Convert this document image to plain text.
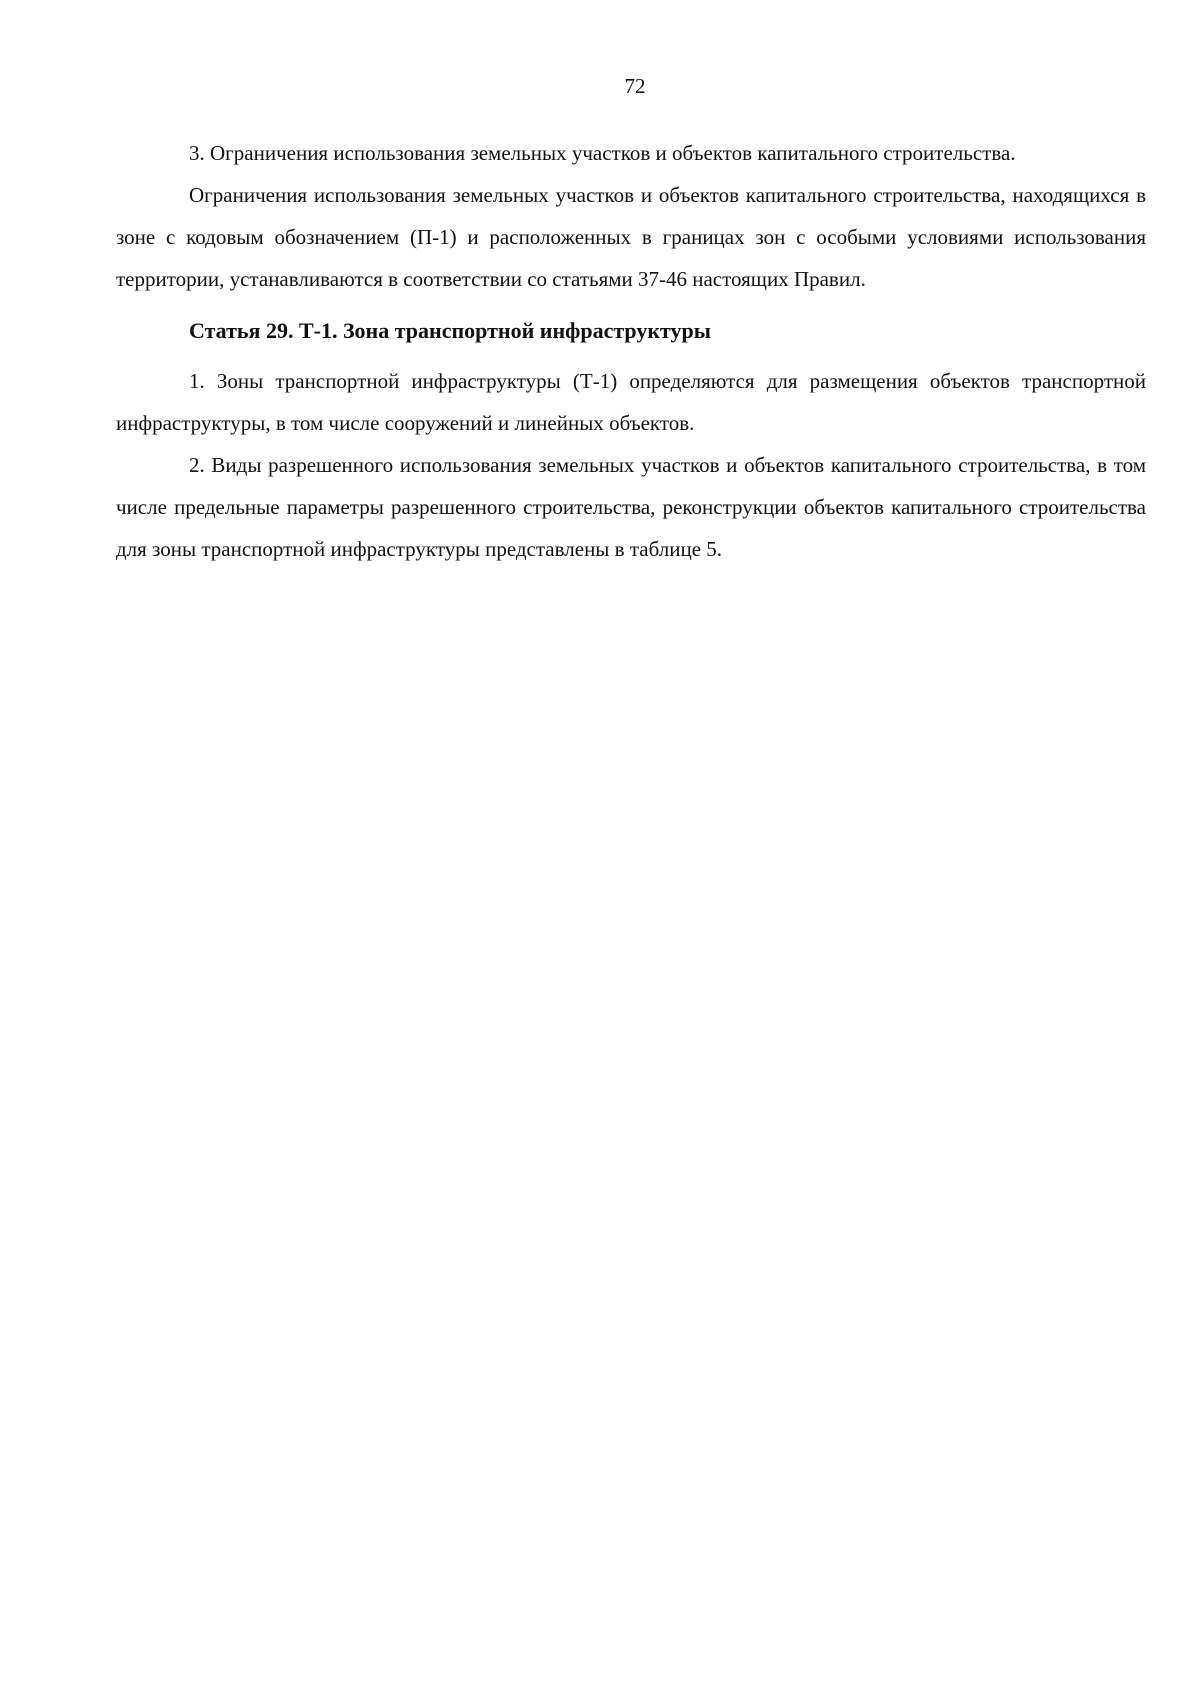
72

3. Ограничения использования земельных участков и объектов капитального строительства.

Ограничения использования земельных участков и объектов капитального строительства, находящихся в зоне с кодовым обозначением (П-1) и расположенных в границах зон с особыми условиями использования территории, устанавливаются в соответствии со статьями 37-46 настоящих Правил.

Статья 29. Т-1. Зона транспортной инфраструктуры

1. Зоны транспортной инфраструктуры (Т-1) определяются для размещения объектов транспортной инфраструктуры, в том числе сооружений и линейных объектов.

2. Виды разрешенного использования земельных участков и объектов капитального строительства, в том числе предельные параметры разрешенного строительства, реконструкции объектов капитального строительства для зоны транспортной инфраструктуры представлены в таблице 5.
